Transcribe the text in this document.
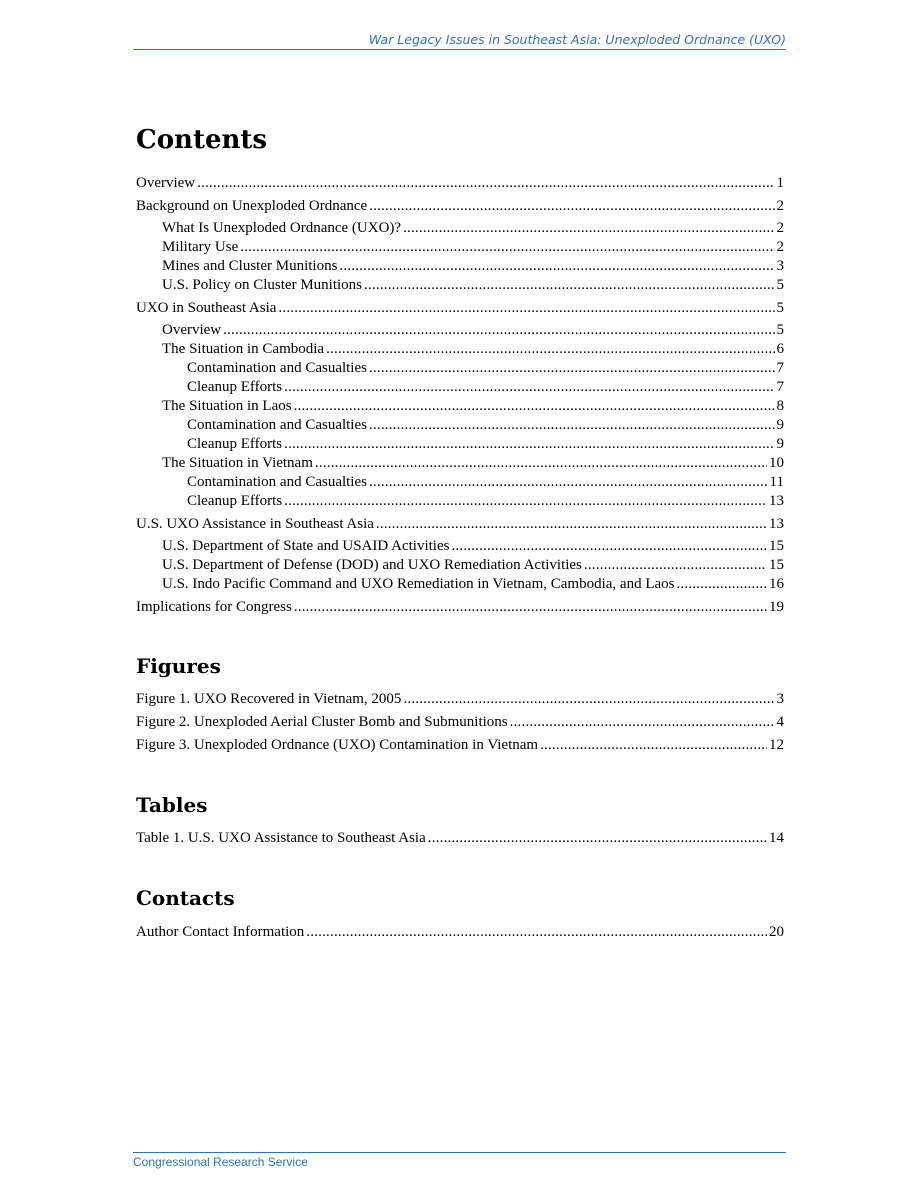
War Legacy Issues in Southeast Asia: Unexploded Ordnance (UXO)
Contents
Overview .....	1
Background on Unexploded Ordnance .....	2
What Is Unexploded Ordnance (UXO)? .....	2
Military Use .....	2
Mines and Cluster Munitions .....	3
U.S. Policy on Cluster Munitions .....	5
UXO in Southeast Asia .....	5
Overview .....	5
The Situation in Cambodia .....	6
Contamination and Casualties .....	7
Cleanup Efforts .....	7
The Situation in Laos .....	8
Contamination and Casualties .....	9
Cleanup Efforts .....	9
The Situation in Vietnam .....	10
Contamination and Casualties .....	11
Cleanup Efforts .....	13
U.S. UXO Assistance in Southeast Asia .....	13
U.S. Department of State and USAID Activities .....	15
U.S. Department of Defense (DOD) and UXO Remediation Activities .....	15
U.S. Indo Pacific Command and UXO Remediation in Vietnam, Cambodia, and Laos .....	16
Implications for Congress .....	19
Figures
Figure 1. UXO Recovered in Vietnam, 2005 .....	3
Figure 2. Unexploded Aerial Cluster Bomb and Submunitions .....	4
Figure 3. Unexploded Ordnance (UXO) Contamination in Vietnam .....	12
Tables
Table 1. U.S. UXO Assistance to Southeast Asia .....	14
Contacts
Author Contact Information .....	20
Congressional Research Service
